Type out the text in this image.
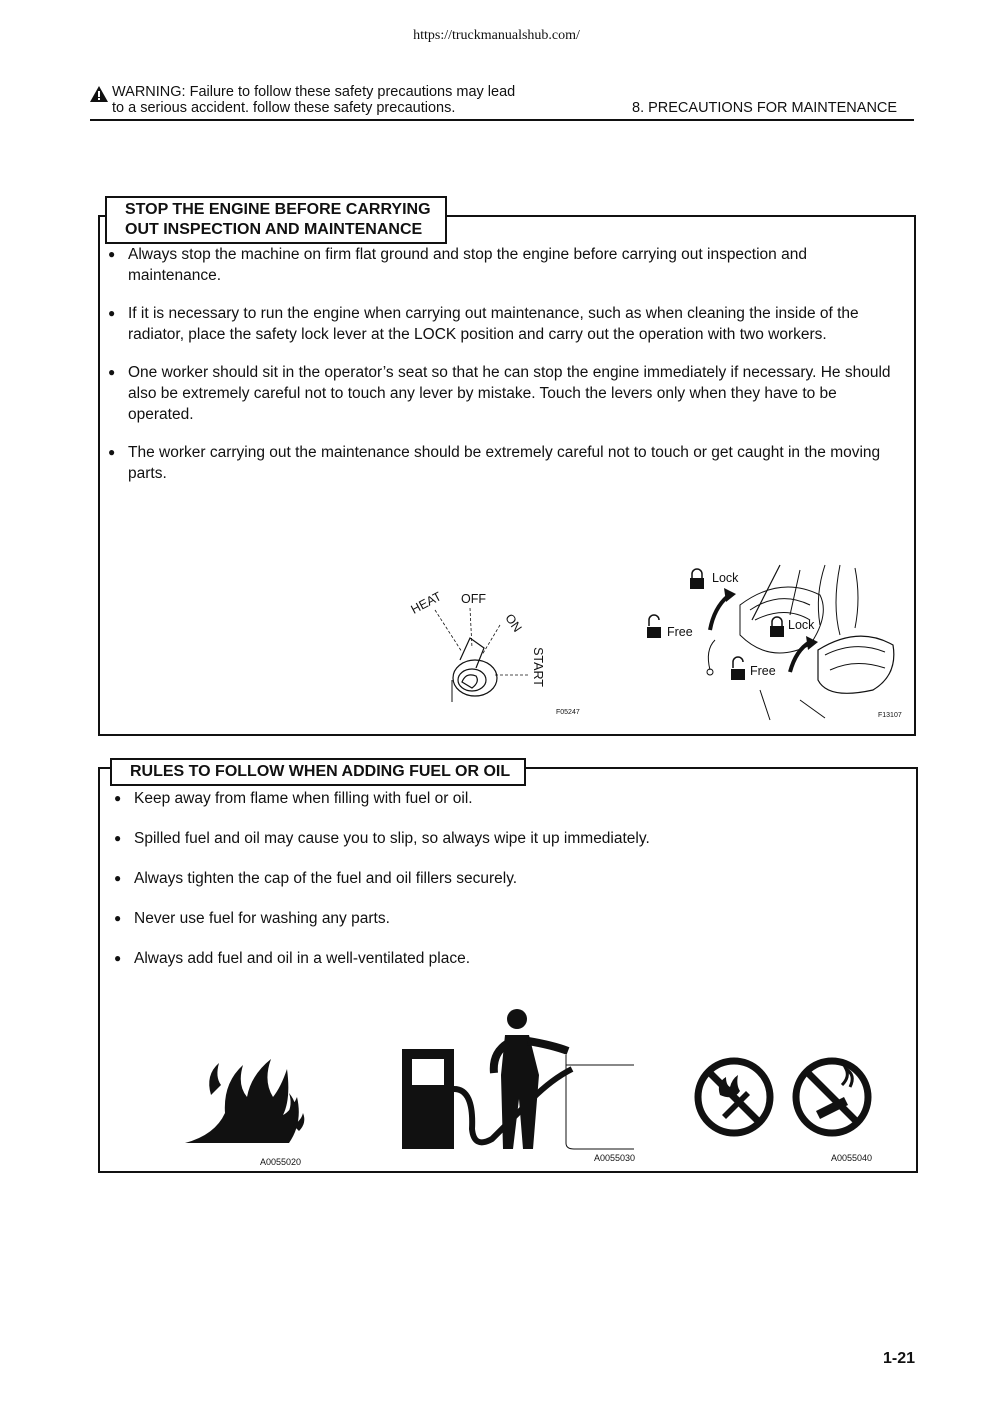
https://truckmanualshub.com/
WARNING: Failure to follow these safety precautions may lead
to a serious accident. follow these safety precautions.	8. PRECAUTIONS FOR MAINTENANCE
STOP THE ENGINE BEFORE CARRYING
OUT INSPECTION AND MAINTENANCE
● Always stop the machine on firm flat ground and stop the engine before carrying out inspection and maintenance.
● If it is necessary to run the engine when carrying out maintenance, such as when cleaning the inside of the radiator, place the safety lock lever at the LOCK position and carry out the operation with two workers.
● One worker should sit in the operator’s seat so that he can stop the engine immediately if necessary. He should also be extremely careful not to touch any lever by mistake. Touch the levers only when they have to be operated.
● The worker carrying out the maintenance should be extremely careful not to touch or get caught in the moving parts.
HEAT OFF
ON
START
F05247
Lock
Free	Lock
Free
F13107
RULES TO FOLLOW WHEN ADDING FUEL OR OIL
● Keep away from flame when filling with fuel or oil.
● Spilled fuel and oil may cause you to slip, so always wipe it up immediately.
● Always tighten the cap of the fuel and oil fillers securely.
● Never use fuel for washing any parts.
● Always add fuel and oil in a well-ventilated place.
A0055020	A0055030	A0055040
1-21
